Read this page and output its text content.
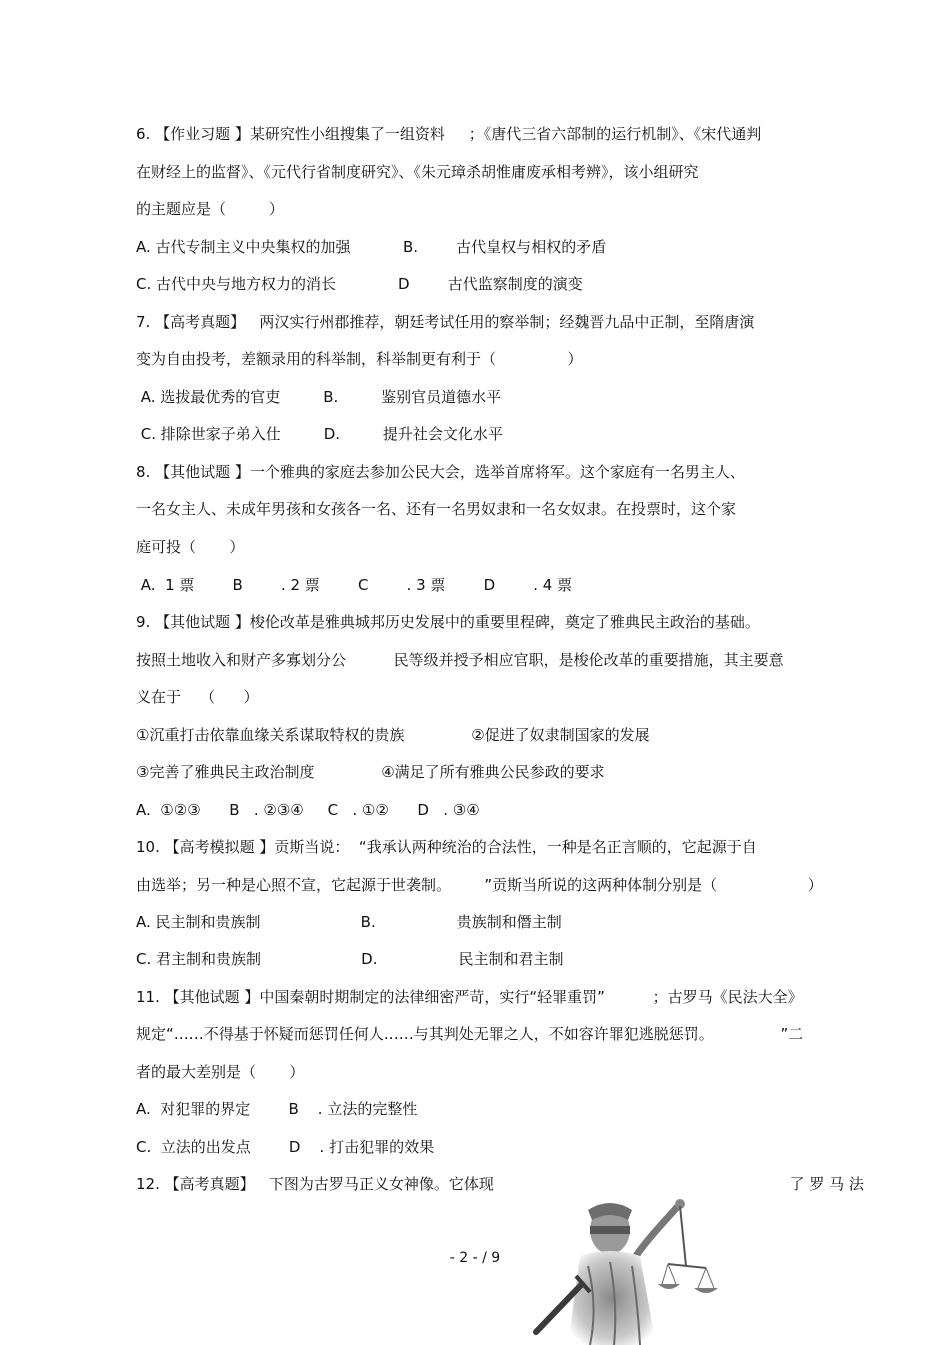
6. 【作业习题 】某研究性小组搜集了一组资料     ；《唐代三省六部制的运行机制》、《宋代通判
在财经上的监督》、《元代行省制度研究》、《朱元璋杀胡惟庸废承相考辨》，该小组研究
的主题应是（         ）
A. 古代专制主义中央集权的加强           B.        古代皇权与相权的矛盾
C. 古代中央与地方权力的消长             D        古代监察制度的演变
7. 【高考真题】   两汉实行州郡推荐，朝廷考试任用的察举制；经魏晋九品中正制，至隋唐演
变为自由投考，差额录用的科举制，科举制更有利于（               ）
A. 选拔最优秀的官吏         B.         鉴别官员道德水平
C. 排除世家子弟入仕         D.         提升社会文化水平
8. 【其他试题 】一个雅典的家庭去参加公民大会，选举首席将军。这个家庭有一名男主人、
一名女主人、未成年男孩和女孩各一名、还有一名男奴隶和一名女奴隶。在投票时，这个家
庭可投（       ）
A.  1 票        B        . 2 票        C        . 3 票        D        . 4 票
9. 【其他试题 】梭伦改革是雅典城邦历史发展中的重要里程碑，奠定了雅典民主政治的基础。
按照土地收入和财产多寡划分公          民等级并授予相应官职，是梭伦改革的重要措施，其主要意
义在于    （      ）
①沉重打击依靠血缘关系谋取特权的贵族              ②促进了奴隶制国家的发展
③完善了雅典民主政治制度              ④满足了所有雅典公民参政的要求
A.  ①②③      B   . ②③④     C   . ①②      D   . ③④
10. 【高考模拟题 】贡斯当说：  “我承认两种统治的合法性，一种是名正言顺的，它起源于自
由选举；另一种是心照不宣，它起源于世袭制。       ”贡斯当所说的这两种体制分别是（                   ）
A. 民主制和贵族制                     B.                 贵族制和僭主制
C. 君主制和贵族制                     D.                 民主制和君主制
11. 【其他试题 】中国秦朝时期制定的法律细密严苛，实行“轻罪重罚”          ；古罗马《民法大全》
规定“……不得基于怀疑而惩罚任何人……与其判处无罪之人，不如容许罪犯逃脱惩罚。              ”二
者的最大差别是（       ）
A.  对犯罪的界定        B    . 立法的完整性
C.  立法的出发点        D    . 打击犯罪的效果
12. 【高考真题】   下图为古罗马正义女神像。它体现                                                              了 罗 马 法
- 2 - / 9
